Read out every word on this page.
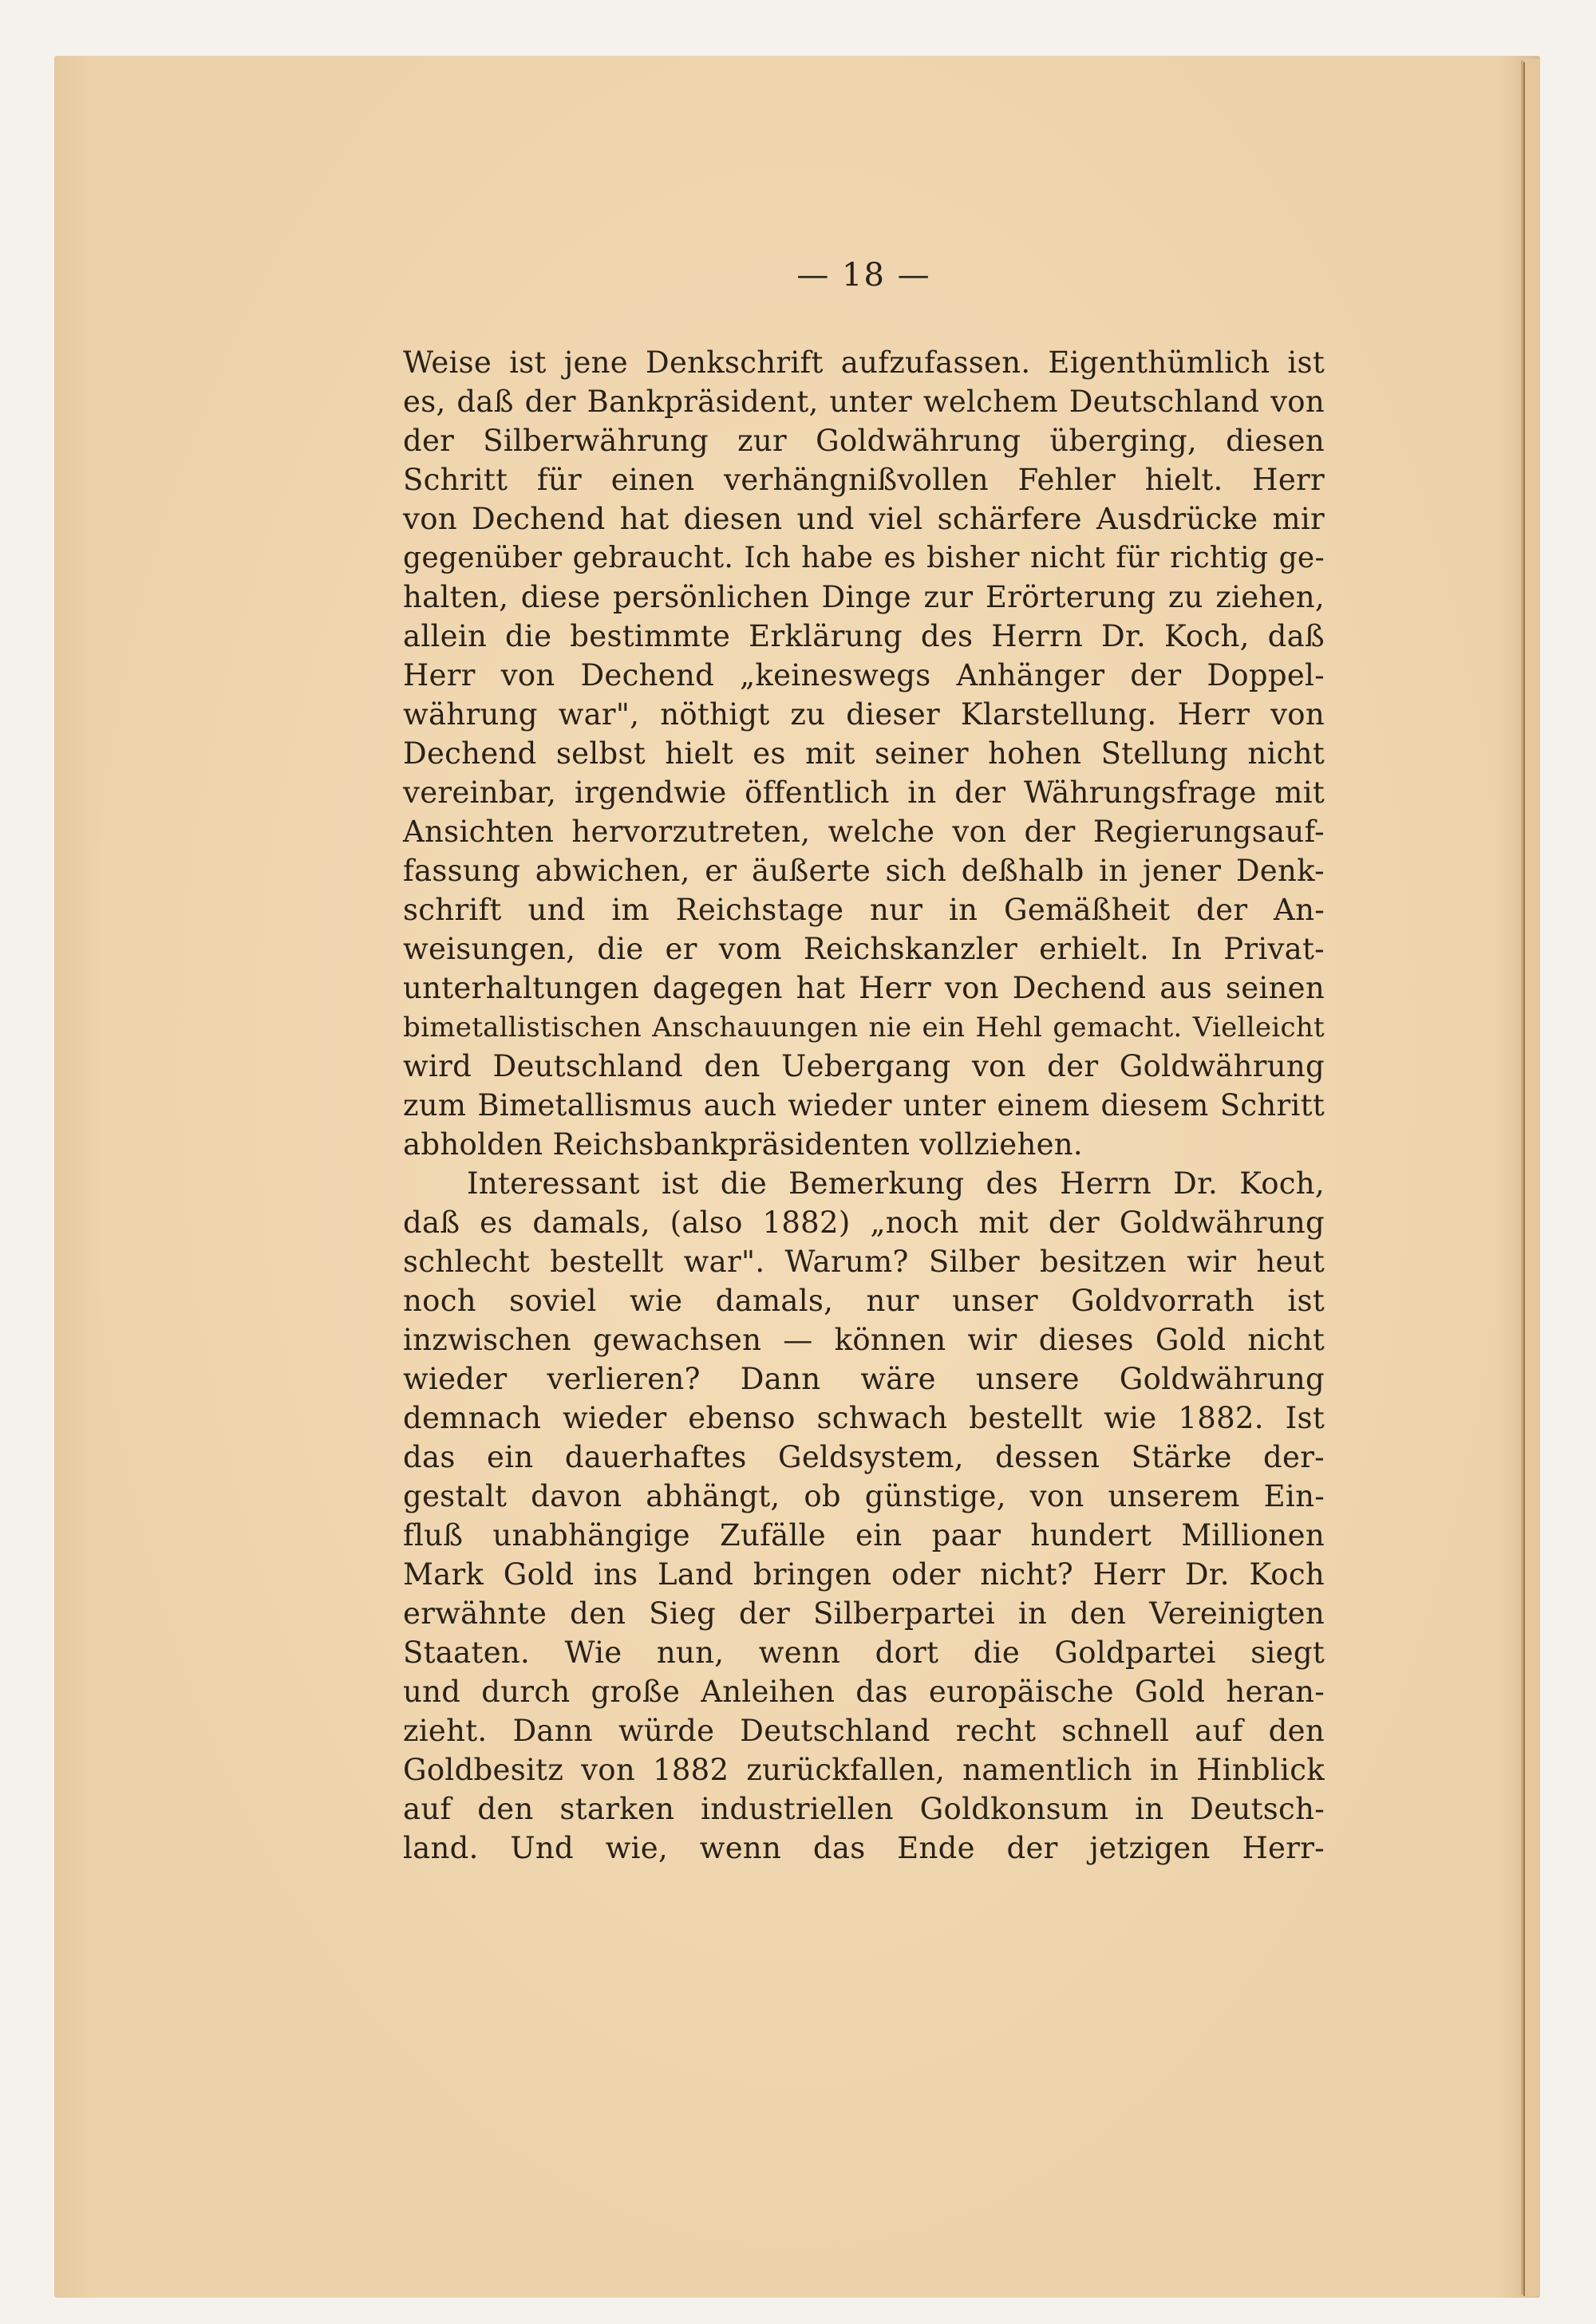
— 18 —
Weise ist jene Denkschrift aufzufassen. Eigenthümlich ist
es, daß der Bankpräsident, unter welchem Deutschland von
der Silberwährung zur Goldwährung überging, diesen
Schritt für einen verhängnißvollen Fehler hielt. Herr
von Dechend hat diesen und viel schärfere Ausdrücke mir
gegenüber gebraucht. Ich habe es bisher nicht für richtig ge-
halten, diese persönlichen Dinge zur Erörterung zu ziehen,
allein die bestimmte Erklärung des Herrn Dr. Koch, daß
Herr von Dechend „keineswegs Anhänger der Doppel-
währung war", nöthigt zu dieser Klarstellung. Herr von
Dechend selbst hielt es mit seiner hohen Stellung nicht
vereinbar, irgendwie öffentlich in der Währungsfrage mit
Ansichten hervorzutreten, welche von der Regierungsauf-
fassung abwichen, er äußerte sich deßhalb in jener Denk-
schrift und im Reichstage nur in Gemäßheit der An-
weisungen, die er vom Reichskanzler erhielt. In Privat-
unterhaltungen dagegen hat Herr von Dechend aus seinen
bimetallistischen Anschauungen nie ein Hehl gemacht. Vielleicht
wird Deutschland den Uebergang von der Goldwährung
zum Bimetallismus auch wieder unter einem diesem Schritt
abholden Reichsbankpräsidenten vollziehen.
Interessant ist die Bemerkung des Herrn Dr. Koch,
daß es damals, (also 1882) „noch mit der Goldwährung
schlecht bestellt war". Warum? Silber besitzen wir heut
noch soviel wie damals, nur unser Goldvorrath ist
inzwischen gewachsen — können wir dieses Gold nicht
wieder verlieren? Dann wäre unsere Goldwährung
demnach wieder ebenso schwach bestellt wie 1882. Ist
das ein dauerhaftes Geldsystem, dessen Stärke der-
gestalt davon abhängt, ob günstige, von unserem Ein-
fluß unabhängige Zufälle ein paar hundert Millionen
Mark Gold ins Land bringen oder nicht? Herr Dr. Koch
erwähnte den Sieg der Silberpartei in den Vereinigten
Staaten. Wie nun, wenn dort die Goldpartei siegt
und durch große Anleihen das europäische Gold heran-
zieht. Dann würde Deutschland recht schnell auf den
Goldbesitz von 1882 zurückfallen, namentlich in Hinblick
auf den starken industriellen Goldkonsum in Deutsch-
land. Und wie, wenn das Ende der jetzigen Herr-
